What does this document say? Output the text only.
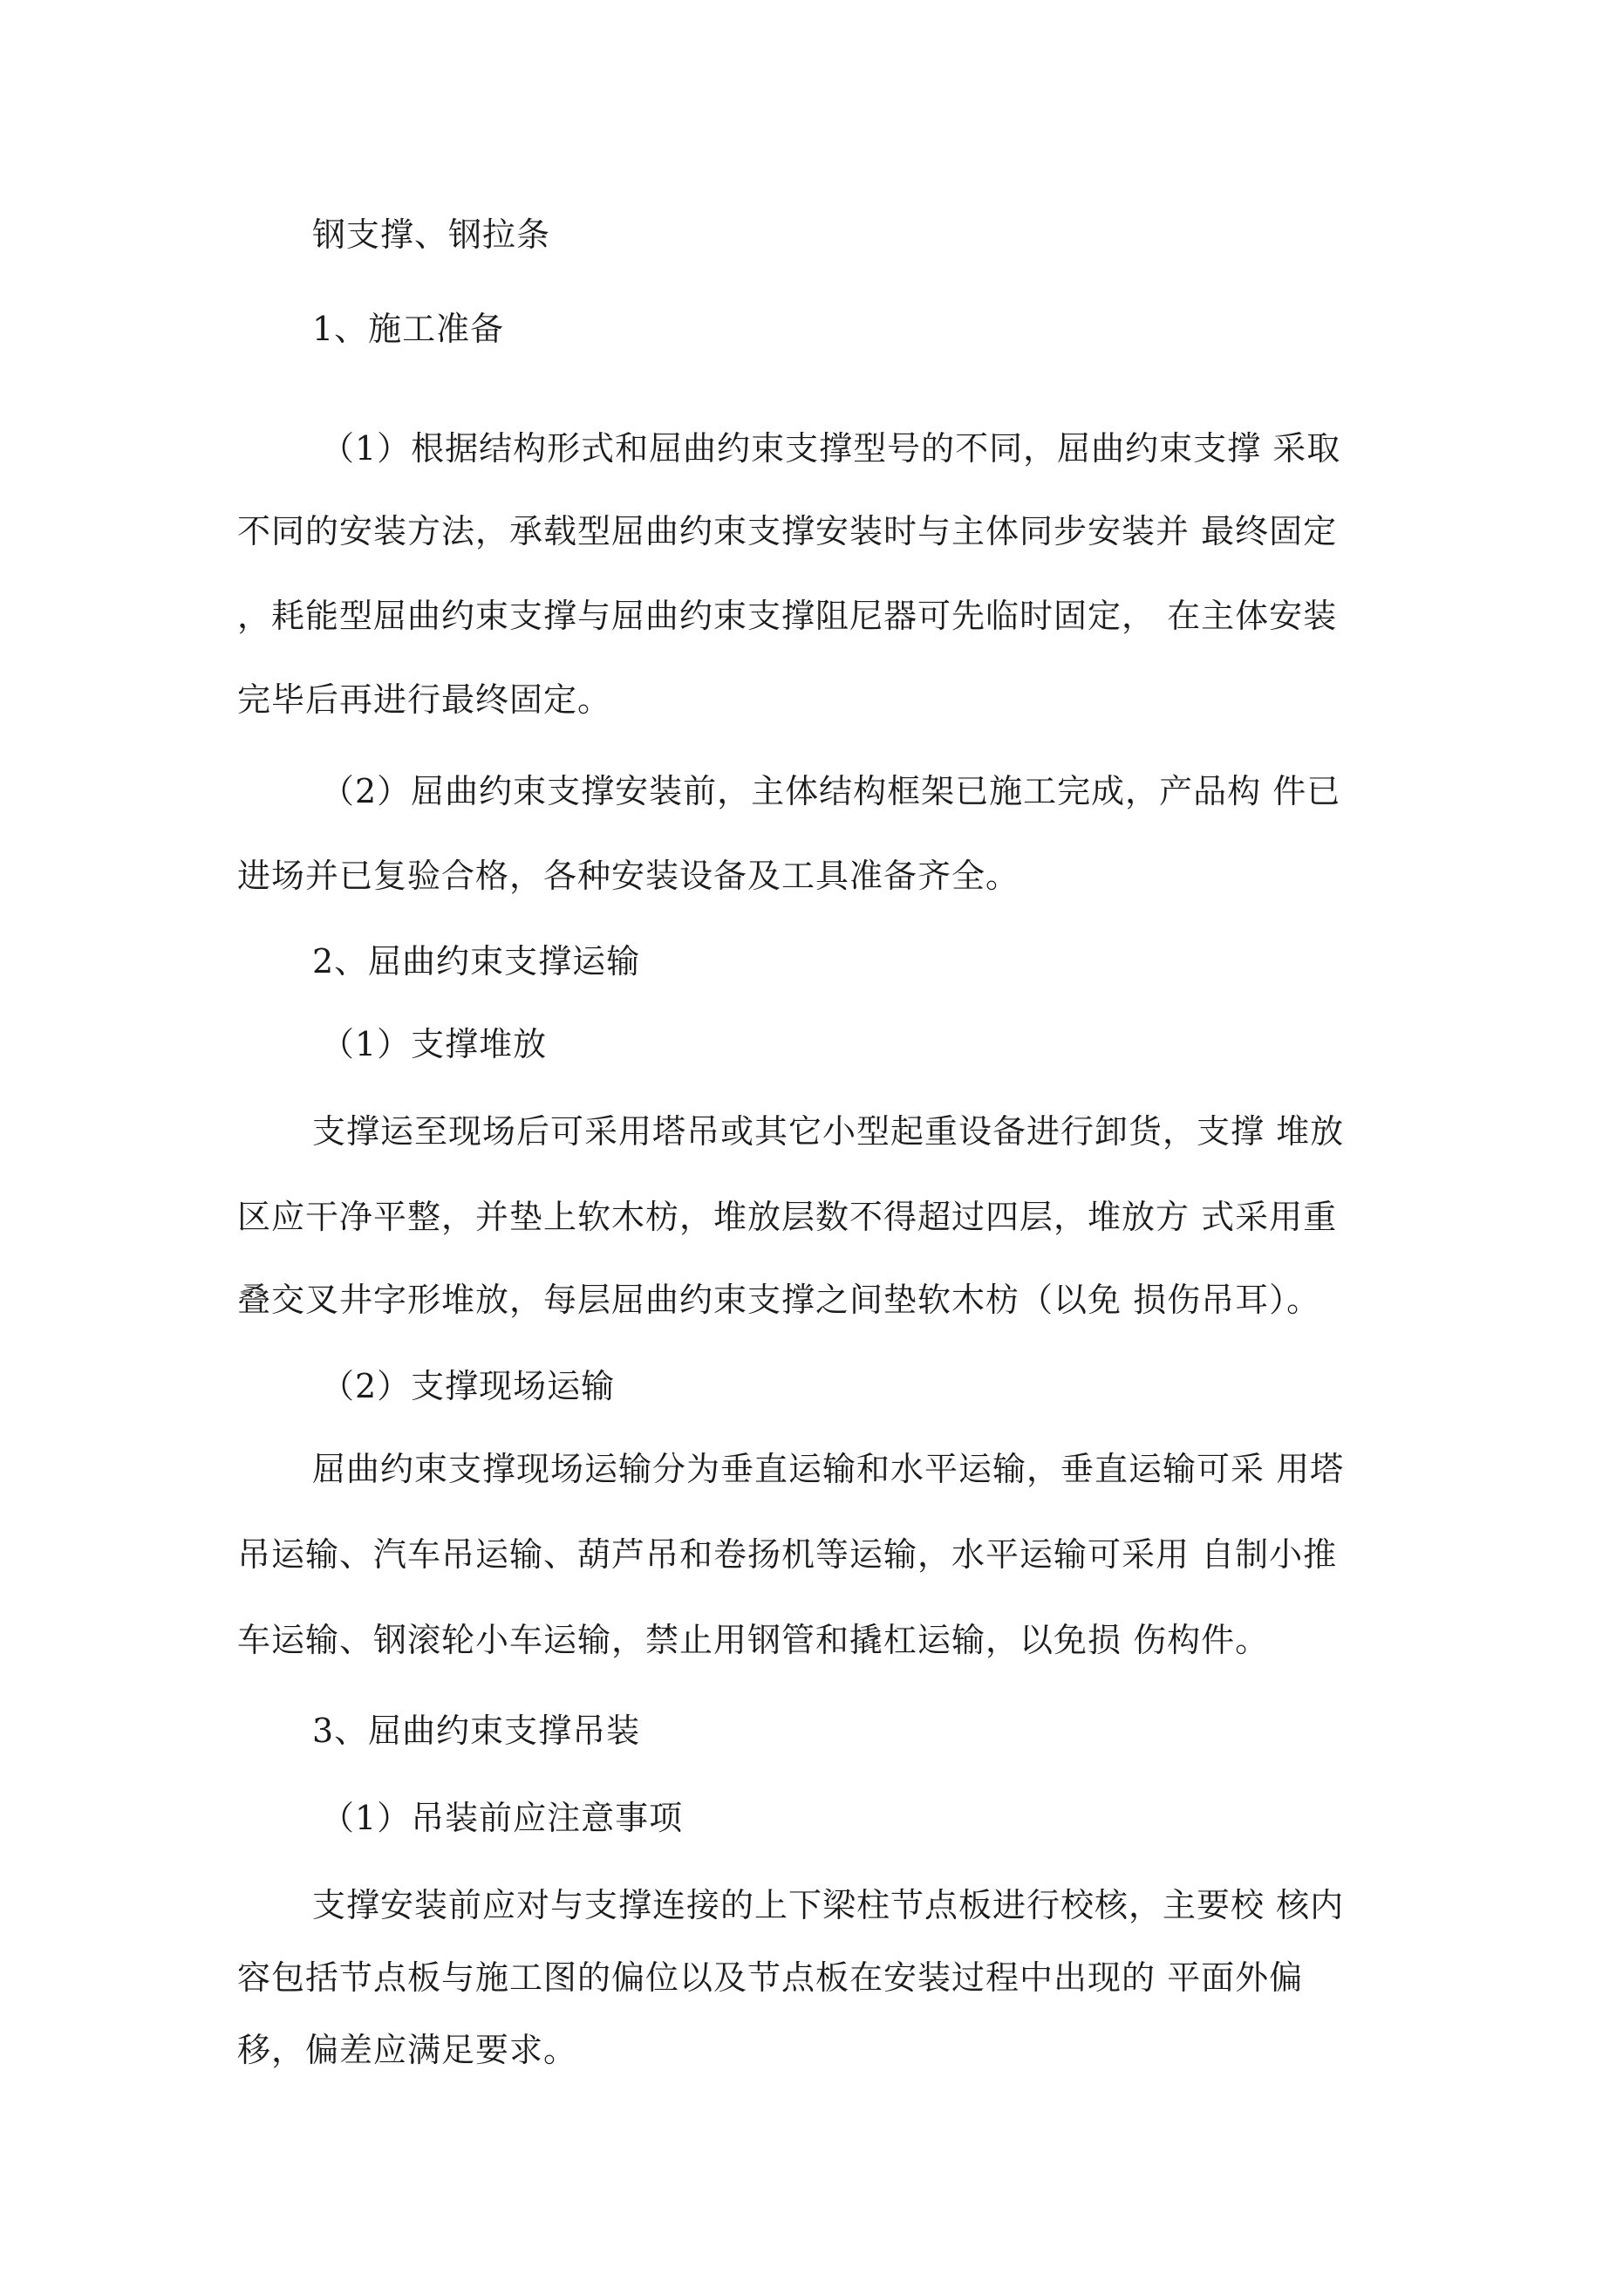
钢支撑、钢拉条
1、施工准备
（1）根据结构形式和屈曲约束支撑型号的不同，屈曲约束支撑 采取
不同的安装方法，承载型屈曲约束支撑安装时与主体同步安装并 最终固定
，耗能型屈曲约束支撑与屈曲约束支撑阻尼器可先临时固定， 在主体安装
完毕后再进行最终固定。
（2）屈曲约束支撑安装前，主体结构框架已施工完成，产品构 件已
进场并已复验合格，各种安装设备及工具准备齐全。
2、屈曲约束支撑运输
（1）支撑堆放
支撑运至现场后可采用塔吊或其它小型起重设备进行卸货，支撑 堆放
区应干净平整，并垫上软木枋，堆放层数不得超过四层，堆放方 式采用重
叠交叉井字形堆放，每层屈曲约束支撑之间垫软木枋（以免 损伤吊耳）。
（2）支撑现场运输
屈曲约束支撑现场运输分为垂直运输和水平运输，垂直运输可采 用塔
吊运输、汽车吊运输、葫芦吊和卷扬机等运输，水平运输可采用 自制小推
车运输、钢滚轮小车运输，禁止用钢管和撬杠运输，以免损 伤构件。
3、屈曲约束支撑吊装
（1）吊装前应注意事项
支撑安装前应对与支撑连接的上下梁柱节点板进行校核，主要校 核内
容包括节点板与施工图的偏位以及节点板在安装过程中出现的 平面外偏
移，偏差应满足要求。
